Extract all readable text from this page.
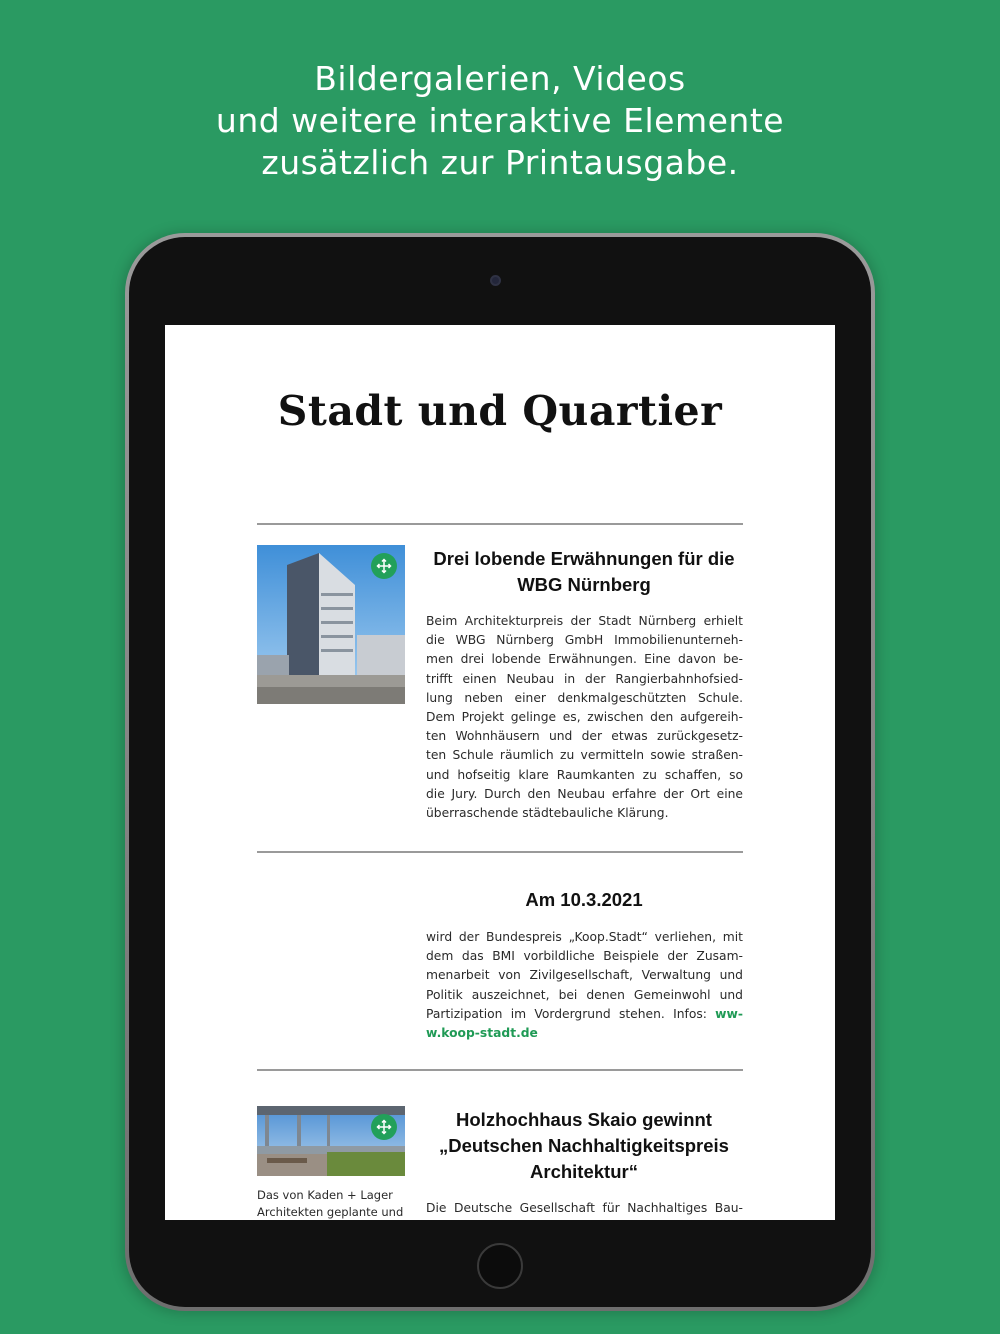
Bildergalerien, Videos
und weitere interaktive Elemente
zusätzlich zur Printausgabe.
Stadt und Quartier
Drei lobende Erwähnungen für die
WBG Nürnberg
Beim Architekturpreis der Stadt Nürnberg erhielt
die WBG Nürnberg GmbH Immobilienunterneh-
men drei lobende Erwähnungen. Eine davon be-
trifft einen Neubau in der Rangierbahnhofsied-
lung neben einer denkmalgeschützten Schule.
Dem Projekt gelinge es, zwischen den aufgereih-
ten Wohnhäusern und der etwas zurückgesetz-
ten Schule räumlich zu vermitteln sowie straßen-
und hofseitig klare Raumkanten zu schaffen, so
die Jury. Durch den Neubau erfahre der Ort eine
überraschende städtebauliche Klärung.
Am 10.3.2021
wird der Bundespreis „Koop.Stadt“ verliehen, mit
dem das BMI vorbildliche Beispiele der Zusam-
menarbeit von Zivilgesellschaft, Verwaltung und
Politik auszeichnet, bei denen Gemeinwohl und
Partizipation im Vordergrund stehen. Infos: ww-
w.koop-stadt.de
Das von Kaden + Lager
Architekten geplante und
Holzhochhaus Skaio gewinnt
„Deutschen Nachhaltigkeitspreis
Architektur“
Die Deutsche Gesellschaft für Nachhaltiges Bau-
